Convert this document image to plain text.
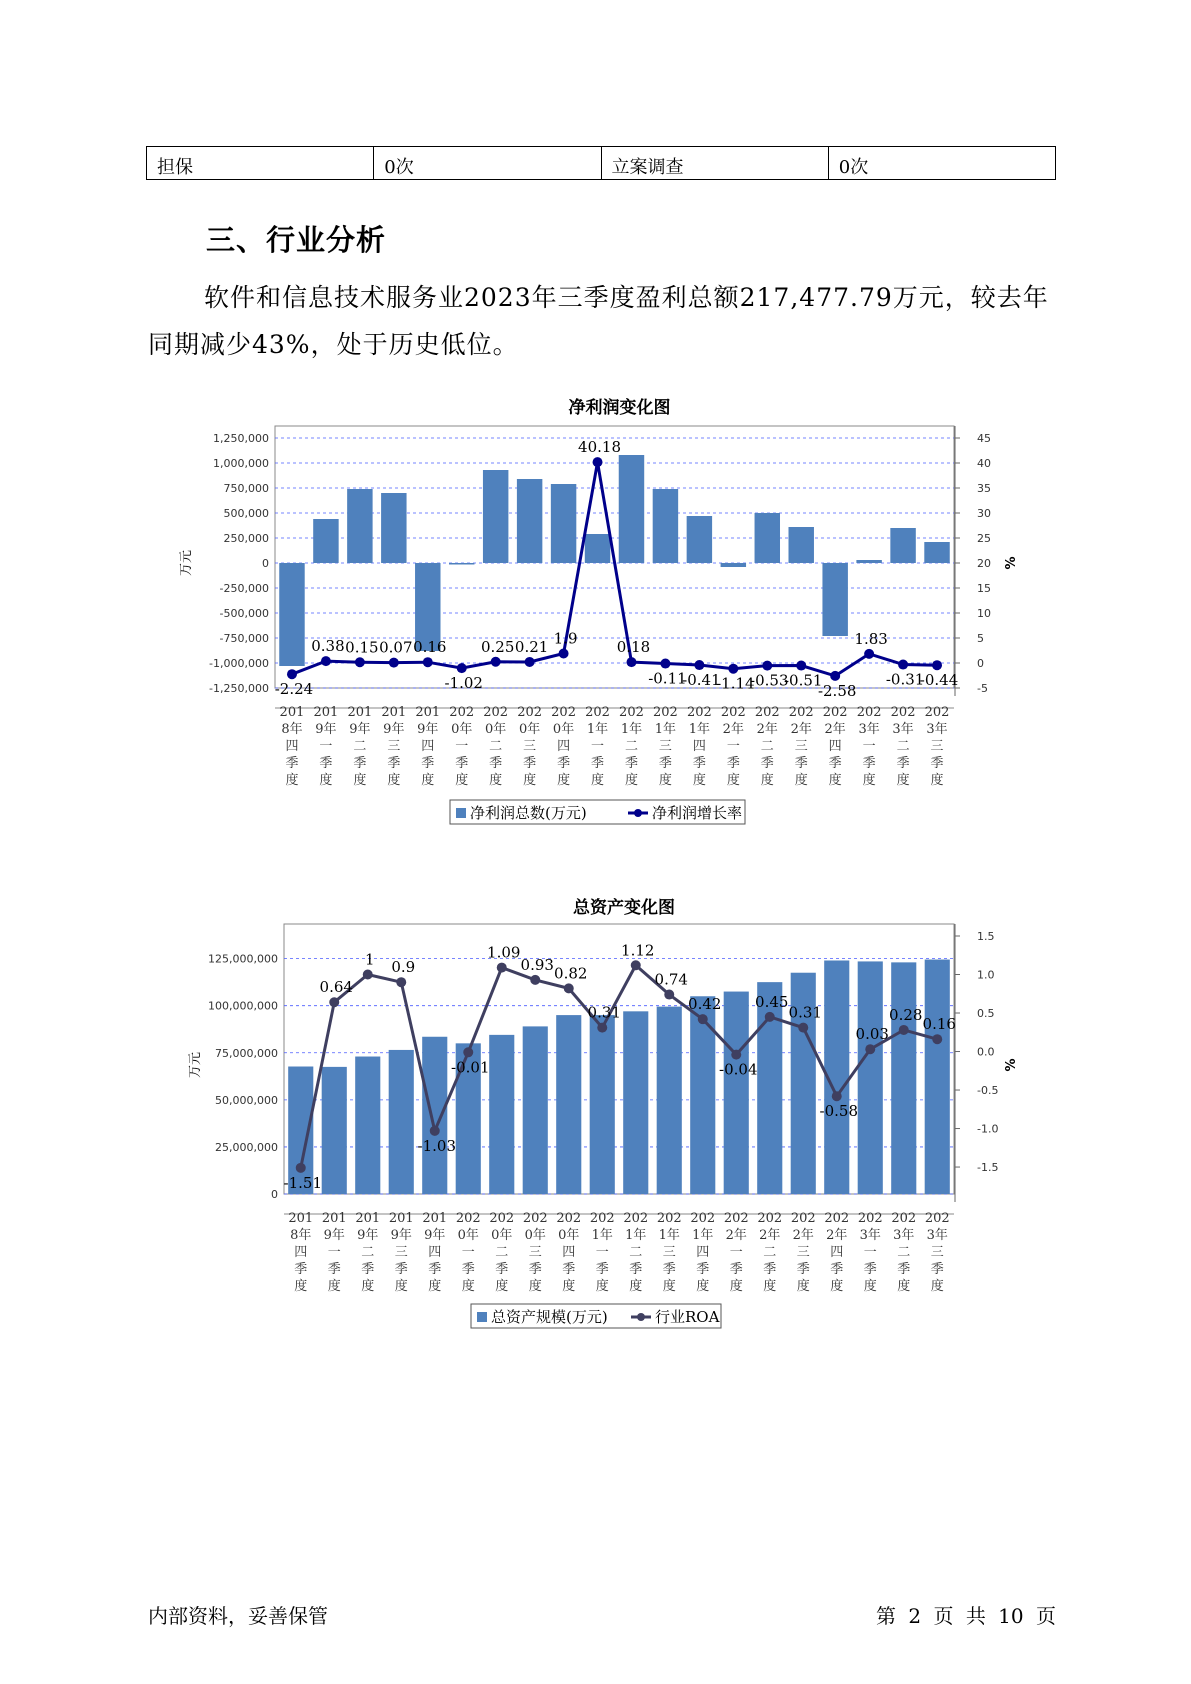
担保	0次	立案调查	0次
三、行业分析

软件和信息技术服务业2023年三季度盈利总额217,477.79万元，较去年同期减少43%，处于历史低位。

净利润变化图
1,250,000
1,000,000
750,000
500,000
250,000
0
-250,000
-500,000
-750,000
-1,000,000
-1,250,000
45
40
35
30
25
20
15
10
5
0
-5
万元	%
-2.24
0.38 0.15 0.07 0.16
-1.02
0.25 0.21 1.9
40.18
0.18
-0.11
-0.41
-1.14
-0.53
-0.51
-2.58
1.83
-0.31
-0.44
201 8年四季度
201 9年一季度
201 9年二季度
201 9年三季度
201 9年四季度
202 0年一季度
202 0年二季度
202 0年三季度
202 0年四季度
202 1年一季度
202 1年二季度
202 1年三季度
202 1年四季度
202 2年一季度
202 2年二季度
202 2年三季度
202 2年四季度
202 3年一季度
202 3年二季度
202 3年三季度
净利润总数(万元)	净利润增长率
总资产变化图
125,000,000
100,000,000
75,000,000
50,000,000
25,000,000
0
1.5
1.0
0.5
0.0
-0.5
-1.0
-1.5
万元	%
-1.51
0.64
1 0.9
-1.03
-0.01
1.09
0.93 0.82
0.31
1.12
0.74
0.42
-0.04
0.45
0.31
-0.58
0.03
0.28
0.16
201 8年四季度
201 9年一季度
201 9年二季度
201 9年三季度
201 9年四季度
202 0年一季度
202 0年二季度
202 0年三季度
202 0年四季度
202 1年一季度
202 1年二季度
202 1年三季度
202 1年四季度
202 2年一季度
202 2年二季度
202 2年三季度
202 2年四季度
202 3年一季度
202 3年二季度
202 3年三季度
总资产规模(万元)	行业ROA
内部资料，妥善保管	第 2 页 共 10 页
